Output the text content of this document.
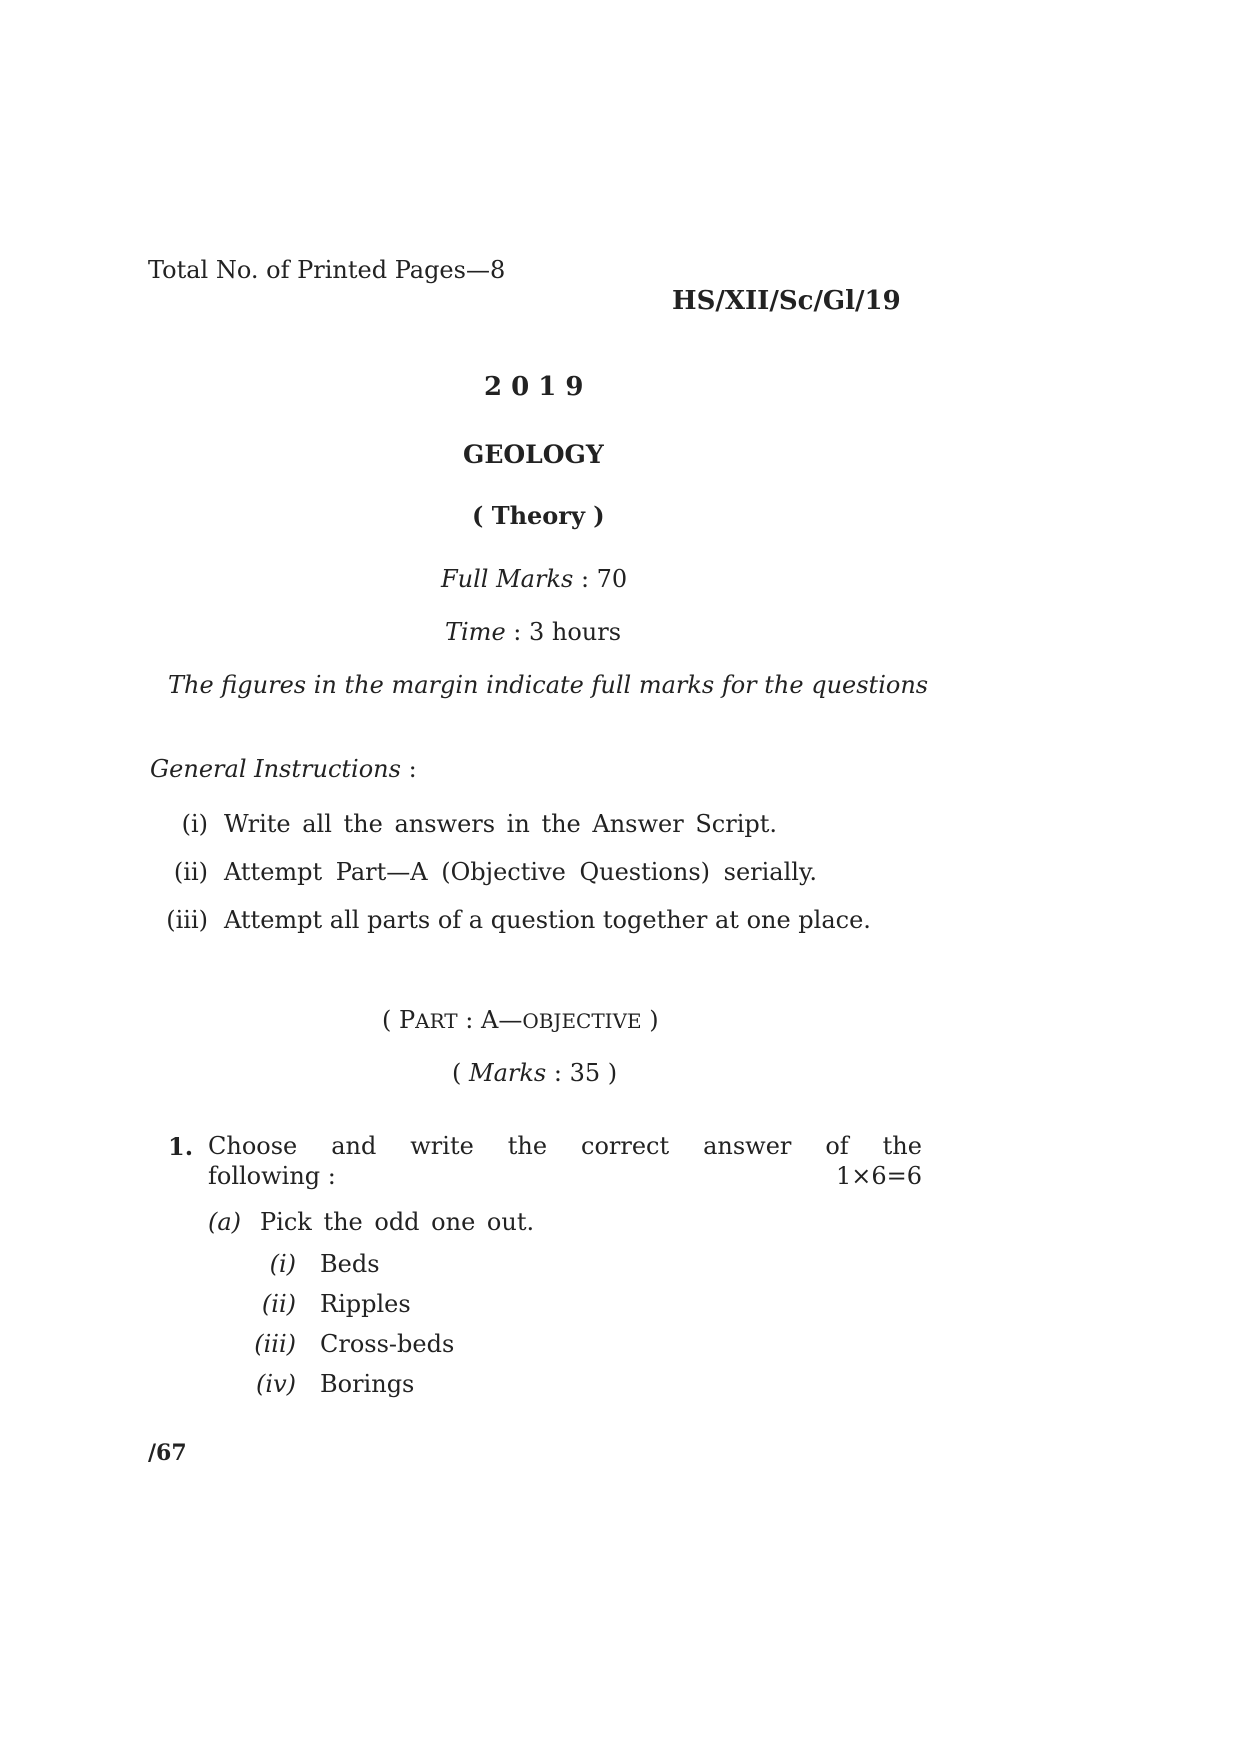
Total No. of Printed Pages—8
HS/XII/Sc/Gl/19
2 0 1 9
GEOLOGY
( Theory )
Full Marks : 70
Time : 3 hours
The figures in the margin indicate full marks for the questions
General Instructions :
(i) Write all the answers in the Answer Script.
(ii) Attempt Part—A (Objective Questions) serially.
(iii) Attempt all parts of a question together at one place.
( PART : A—OBJECTIVE )
( Marks : 35 )
1. Choose and write the correct answer of the
following :	1×6=6
(a) Pick the odd one out.
(i) Beds
(ii) Ripples
(iii) Cross-beds
(iv) Borings
/67
